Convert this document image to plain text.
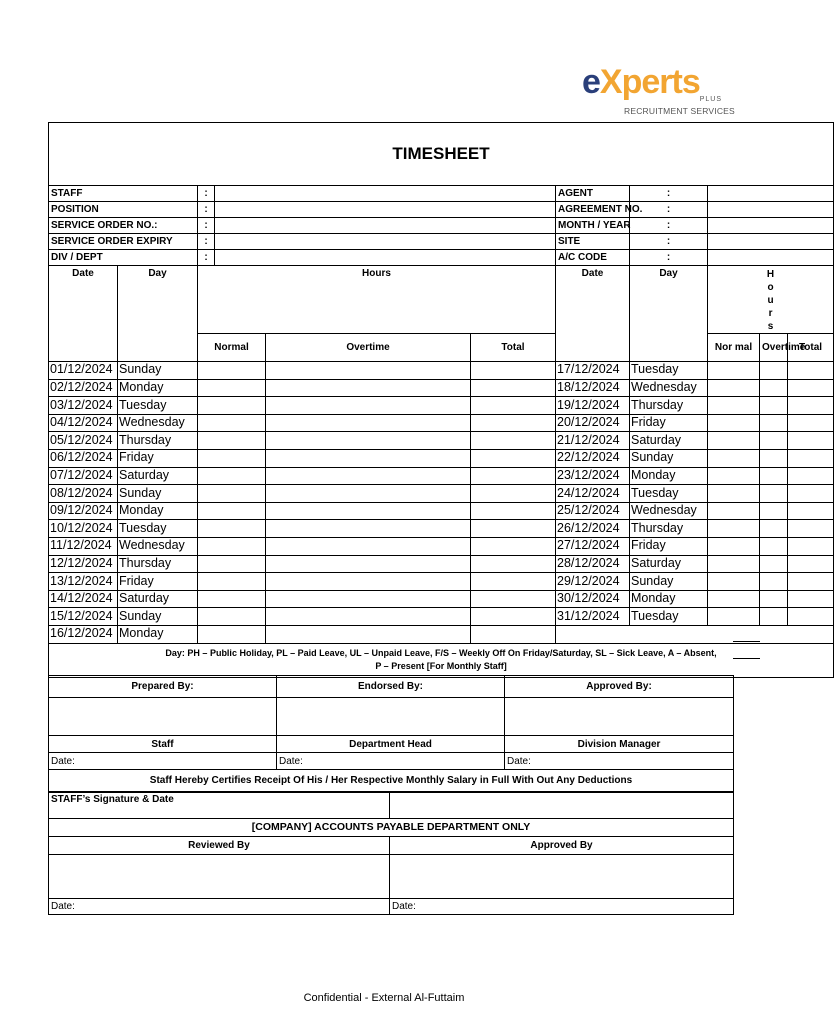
eXperts PLUS
RECRUITMENT SERVICES
TIMESHEET										
STAFF		:				AGENT	:			
POSITION		:				AGREEMENT NO.	:			
SERVICE ORDER NO.:		:				MONTH / YEAR	:			
SERVICE ORDER EXPIRY		:				SITE	:			
DIV / DEPT		:				A/C CODE	:			
Date	Day	Hours				Date	Day	H
o
u
r
s		
		Normal		Overtime	Total			Nor mal	Overtime	Total
01/12/2024	Sunday					17/12/2024	Tuesday			
02/12/2024	Monday					18/12/2024	Wednesday			
03/12/2024	Tuesday					19/12/2024	Thursday			
04/12/2024	Wednesday					20/12/2024	Friday			
05/12/2024	Thursday					21/12/2024	Saturday			
06/12/2024	Friday					22/12/2024	Sunday			
07/12/2024	Saturday					23/12/2024	Monday			
08/12/2024	Sunday					24/12/2024	Tuesday			
09/12/2024	Monday					25/12/2024	Wednesday			
10/12/2024	Tuesday					26/12/2024	Thursday			
11/12/2024	Wednesday					27/12/2024	Friday			
12/12/2024	Thursday					28/12/2024	Saturday			
13/12/2024	Friday					29/12/2024	Sunday			
14/12/2024	Saturday					30/12/2024	Monday			
15/12/2024	Sunday					31/12/2024	Tuesday			
16/12/2024	Monday									
Day: PH – Public Holiday, PL – Paid Leave, UL – Unpaid Leave, F/S – Weekly Off On Friday/Saturday, SL – Sick Leave, A – Absent,
P – Present [For Monthly Staff]										
Prepared By:	Endorsed By:	Approved By:

Staff	Department Head	Division Manager
Date:	Date:	Date:
Staff Hereby Certifies Receipt Of His / Her Respective Monthly Salary in Full With Out Any Deductions		
STAFF’s Signature & Date	
[COMPANY] ACCOUNTS PAYABLE DEPARTMENT ONLY	
Reviewed By	Approved By

Date:	Date:
Confidential - External Al-Futtaim
